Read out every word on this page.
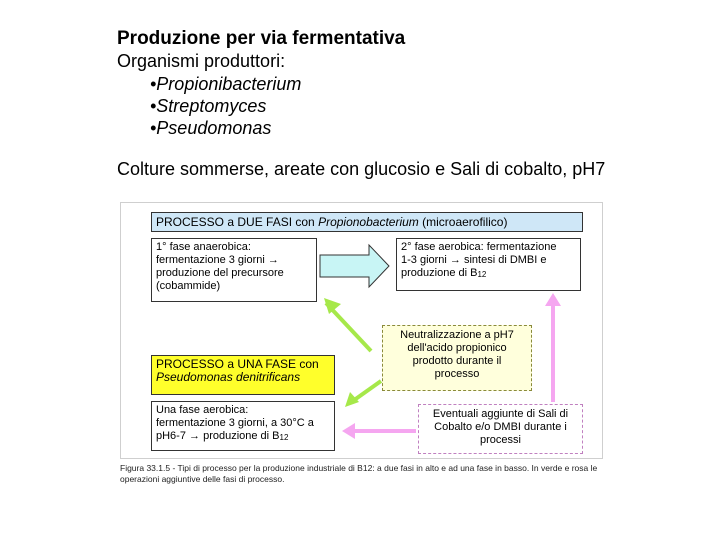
Produzione per via fermentativa
Organismi produttori:
•Propionibacterium
•Streptomyces
•Pseudomonas
Colture sommerse, areate con glucosio e Sali di cobalto, pH7
PROCESSO a DUE FASI con Propionobacterium (microaerofilico)
1° fase anaerobica:
fermentazione 3 giorni →
produzione del precursore
(cobammide)
2° fase aerobica: fermentazione
1-3 giorni → sintesi di DMBI e
produzione di B12
Neutralizzazione a pH7
dell'acido propionico
prodotto durante il
processo
PROCESSO a UNA FASE con
Pseudomonas denitrificans
Una fase aerobica:
fermentazione 3 giorni, a 30°C a
pH6-7 → produzione di B12
Eventuali aggiunte di Sali di
Cobalto e/o DMBI durante i
processi
Figura 33.1.5 - Tipi di processo per la produzione industriale di B12: a due fasi in alto e ad una fase in basso. In verde e rosa le operazioni aggiuntive delle fasi di processo.
